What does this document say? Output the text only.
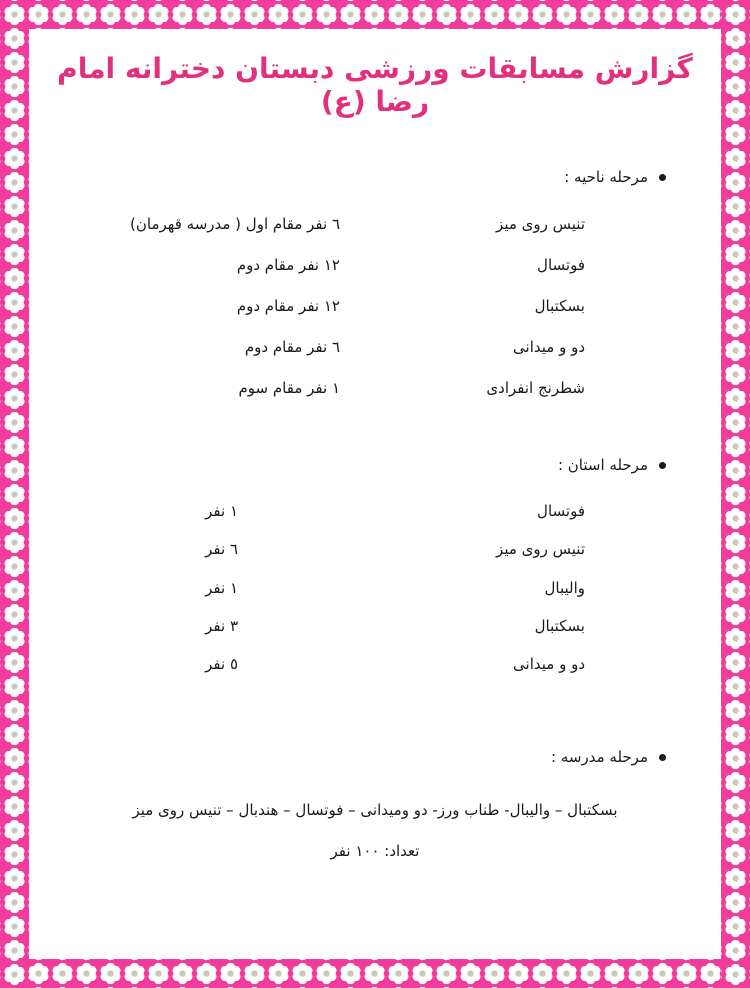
گزارش مسابقات ورزشی دبستان دخترانه امام رضا (ع)
مرحله ناحیه :
تنیس روی میز
٦ نفر مقام اول ( مدرسه قهرمان)
فوتسال
١٢ نفر مقام دوم
بسکتبال
١٢ نفر مقام دوم
دو و میدانی
٦ نفر مقام دوم
شطرنج انفرادی
١ نفر مقام سوم
مرحله استان :
فوتسال
١ نفر
تنیس روی میز
٦ نفر
والیبال
١ نفر
بسکتبال
٣ نفر
دو و میدانی
٥ نفر
مرحله مدرسه :
بسکتبال – والیبال- طناب ورز- دو ومیدانی – فوتسال – هندبال – تنیس روی میز
تعداد: ١٠٠ نفر
